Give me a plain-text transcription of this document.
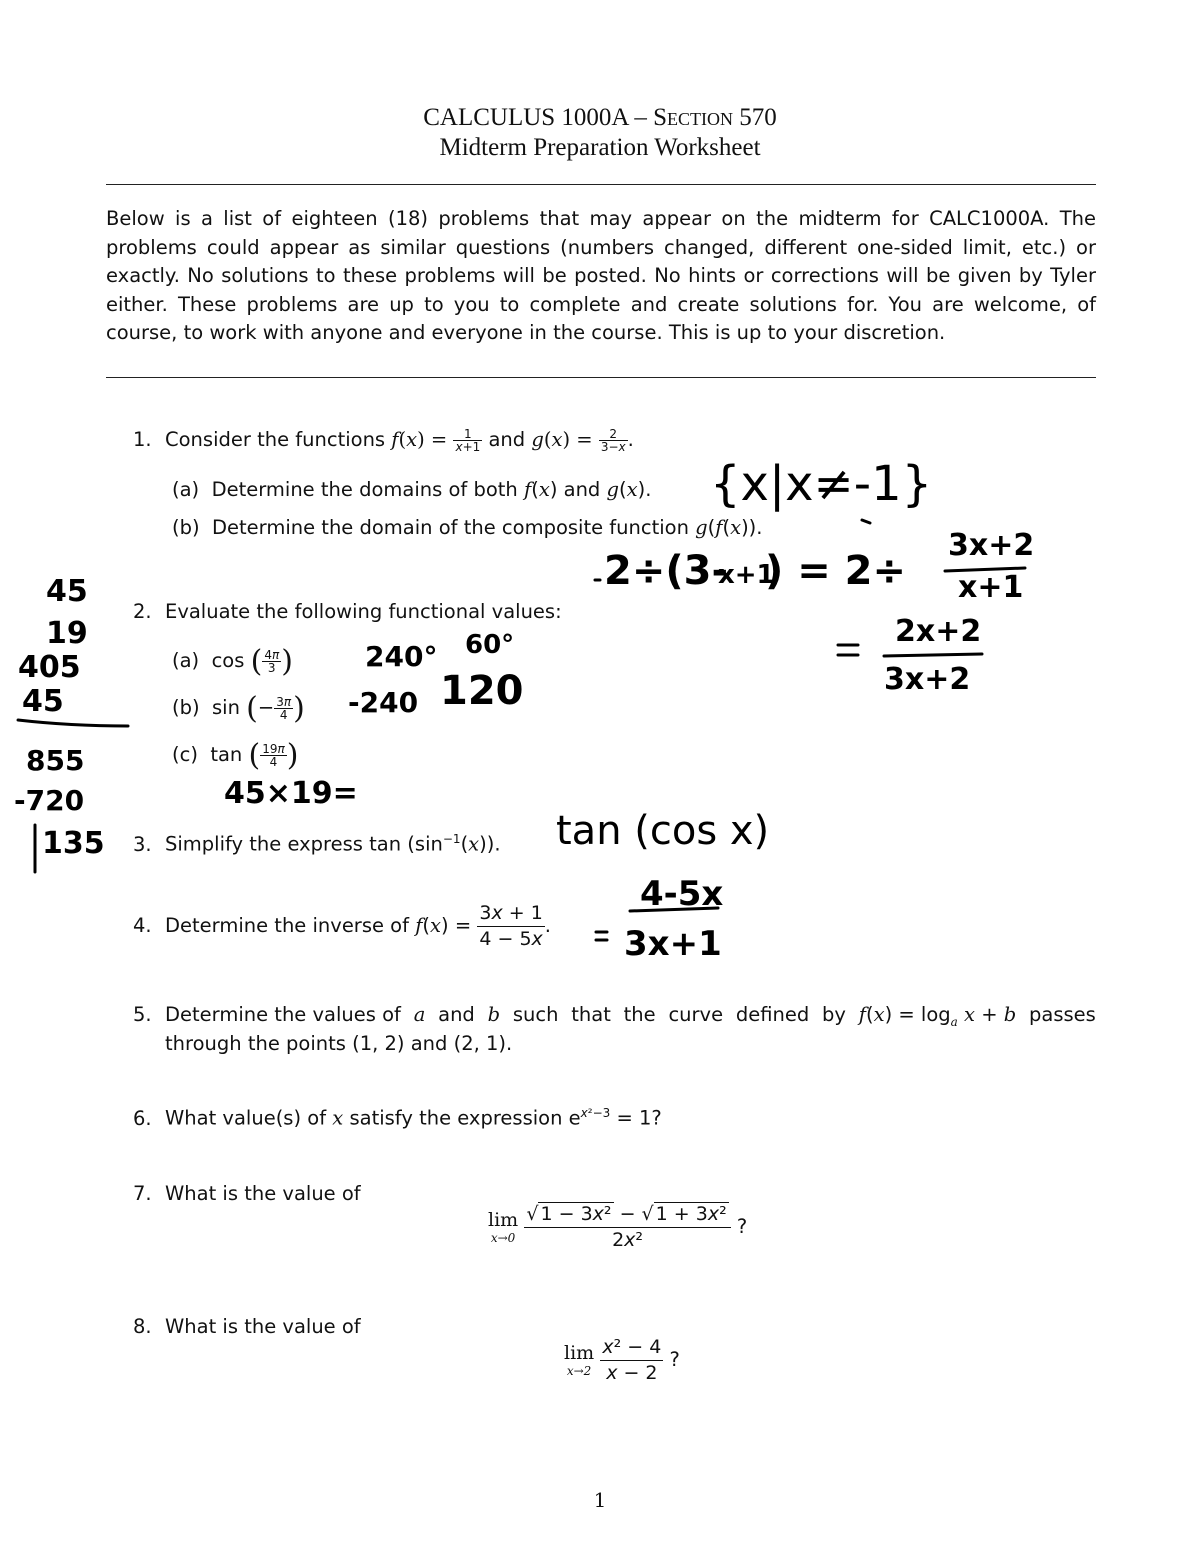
CALCULUS 1000A – Section 570
Midterm Preparation Worksheet
Below is a list of eighteen (18) problems that may appear on the midterm for CALC1000A. The problems could appear as similar questions (numbers changed, different one-sided limit, etc.) or exactly. No solutions to these problems will be posted. No hints or corrections will be given by Tyler either. These problems are up to you to complete and create solutions for. You are welcome, of course, to work with anyone and everyone in the course. This is up to your discretion.
1. Consider the functions $f(x) = \frac{1}{x+1}$ and $g(x) = \frac{2}{3-x}$ .
(a) Determine the domains of both f(x) and g(x).
(b) Determine the domain of the composite function g(f(x)).
2. Evaluate the following functional values:
(a)  cos ( $\frac{4\pi}{3}$ )
(b)  sin (− $\frac{3\pi}{4}$ )
(c)  tan ( $\frac{19\pi}{4}$ )
3. Simplify the express $\tan (\sin^{-1}(x))$.
4. Determine the inverse of $f(x) = \frac{3x + 1}{4 - 5x}$ .
5. Determine the values of a and b such that the curve defined by $f(x) = \log_a x + b$ passes
through the points (1, 2) and (2, 1).
6. What value(s) of x satisfy the expression $e^{x^2-3} = 1$?
7. What is the value of
lim
x→0
$\frac{\text{√ 1 − 3x² − √ 1 + 3x²}}{\text{2x²}}$ ?
8. What is the value of
lim
x→2
$\frac{\text{x² − 4}}{x - 2}$ ?
1
{x|x≠-1}
2÷(3-
x+1
) = 2÷
3x+2
x+1
2x+2
3x+2
240° 60°
-240 120
45×19=
tan (cos x)
4-5x
3x+1
45
19
405
45
855
-720
135
